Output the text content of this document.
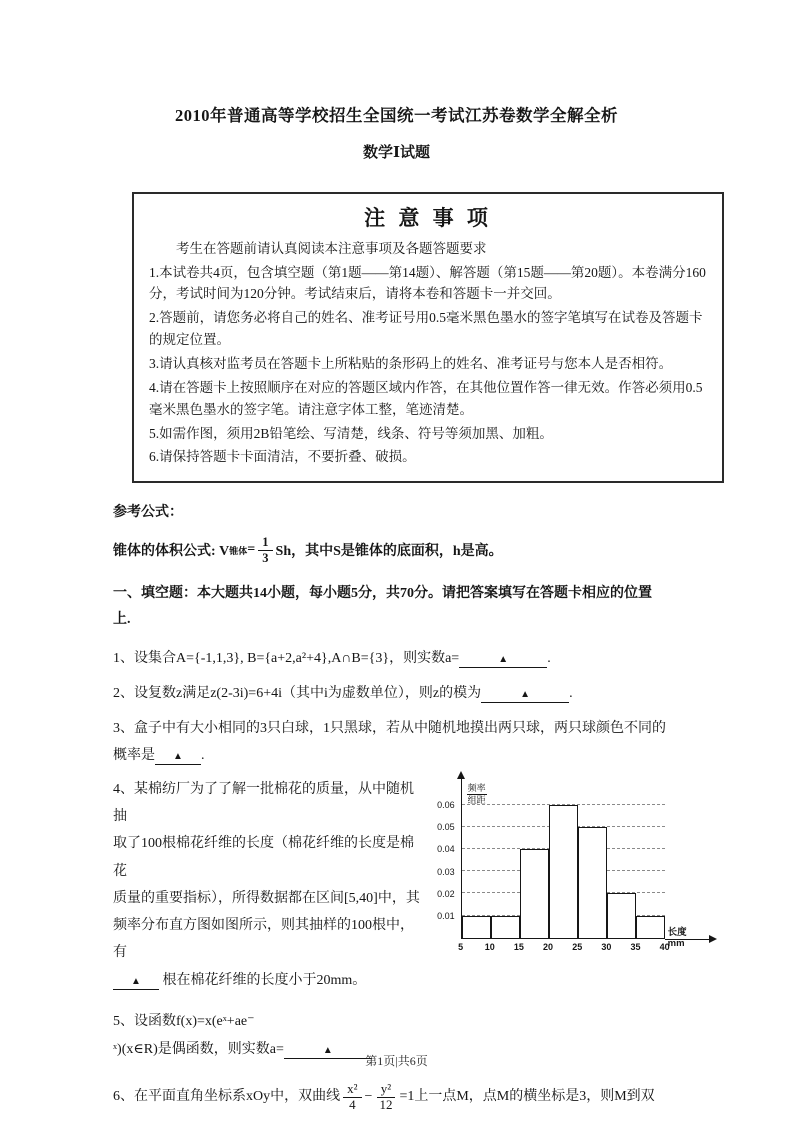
2010年普通高等学校招生全国统一考试江苏卷数学全解全析
数学Ⅰ试题
注 意 事 项
考生在答题前请认真阅读本注意事项及各题答题要求
1.本试卷共4页，包含填空题（第1题——第14题）、解答题（第15题——第20题）。本卷满分160分，考试时间为120分钟。考试结束后，请将本卷和答题卡一并交回。
2.答题前，请您务必将自己的姓名、准考证号用0.5毫米黑色墨水的签字笔填写在试卷及答题卡的规定位置。
3.请认真核对监考员在答题卡上所粘贴的条形码上的姓名、准考证号与您本人是否相符。
4.请在答题卡上按照顺序在对应的答题区域内作答，在其他位置作答一律无效。作答必须用0.5毫米黑色墨水的签字笔。请注意字体工整，笔迹清楚。
5.如需作图，须用2B铅笔绘、写清楚，线条、符号等须加黑、加粗。
6.请保持答题卡卡面清洁，不要折叠、破损。
参考公式：
锥体的体积公式: V 锥体 = $\frac{1}{3}$ Sh，其中S是锥体的底面积，h是高。
一、填空题：本大题共14小题，每小题5分，共70分。请把答案填写在答题卡相应的位置
上.

1、设集合A={-1,1,3}, B={a+2,a²+4},A∩B={3}，则实数a=	▲	.

2、设复数z满足z(2-3i)=6+4i（其中i为虚数单位），则z的模为	▲	.

3、盒子中有大小相同的3只白球，1只黑球，若从中随机地摸出两只球，两只球颜色不同的
概率是 ▲ .
4、某棉纺厂为了了解一批棉花的质量，从中随机抽
取了100根棉花纤维的长度（棉花纤维的长度是棉花
质量的重要指标），所得数据都在区间[5,40]中，其
频率分布直方图如图所示，则其抽样的100根中，有
▲ 根在棉花纤维的长度小于20mm。
频率
组距
0.01
0.02
0.03
0.04
0.05
0.06
5 10 15 20 25 30 35 40
长度mm
5、设函数f(x)=x(eˣ+ae⁻
ˣ)(x∈R)是偶函数，则实数a=	▲
6、在平面直角坐标系xOy中，双曲线 $\frac{\text{x²}}{4} - \frac{\text{y²}}{12} =1$上一点M，点M的横坐标是3，则M到双
第1页|共6页
